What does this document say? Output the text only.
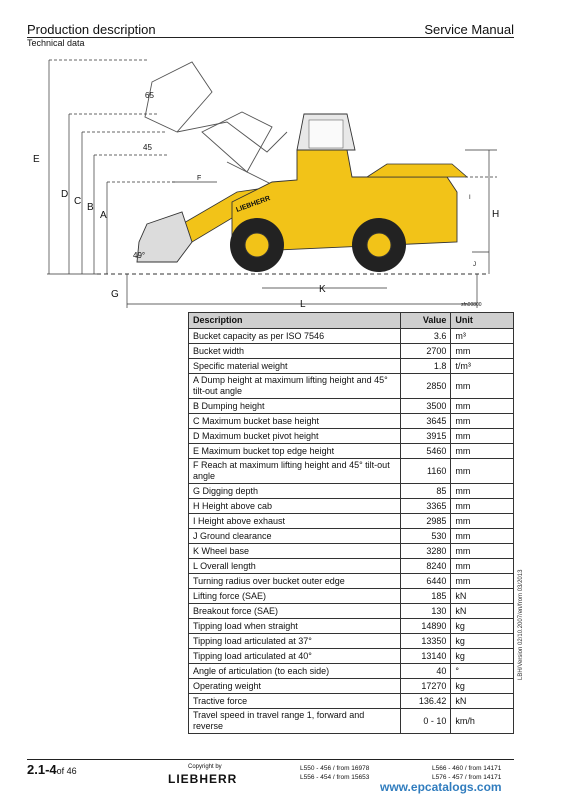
Production description	Service Manual
Technical data
LIEBHERR
E
D
C
B
A	H
I
J
K
L
F
G
65
45
49°
sfn00800
Description	Value	Unit
Bucket capacity as per ISO 7546	3.6	m³
Bucket width	2700	mm
Specific material weight	1.8	t/m³
A Dump height at maximum lifting height and 45° tilt-out angle	2850	mm
B Dumping height	3500	mm
C Maximum bucket base height	3645	mm
D Maximum bucket pivot height	3915	mm
E Maximum bucket top edge height	5460	mm
F Reach at maximum lifting height and 45° tilt-out angle	1160	mm
G Digging depth	85	mm
H Height above cab	3365	mm
I Height above exhaust	2985	mm
J Ground clearance	530	mm
K Wheel base	3280	mm
L Overall length	8240	mm
Turning radius over bucket outer edge	6440	mm
Lifting force (SAE)	185	kN
Breakout force (SAE)	130	kN
Tipping load when straight	14890	kg
Tipping load articulated at 37°	13350	kg
Tipping load articulated at 40°	13140	kg
Angle of articulation (to each side)	40	°
Operating weight	17270	kg
Tractive force	136.42	kN
Travel speed in travel range 1, forward and reverse	0 - 10	km/h
LBH/Version 02/10.2007/en/from 03/2013
2.1-4of 46	Copyright by
LIEBHERR
L550 - 456 / from 16978
L556 - 454 / from 15653
L566 - 460 / from 14171
L576 - 457 / from 14171
www.epcatalogs.com
